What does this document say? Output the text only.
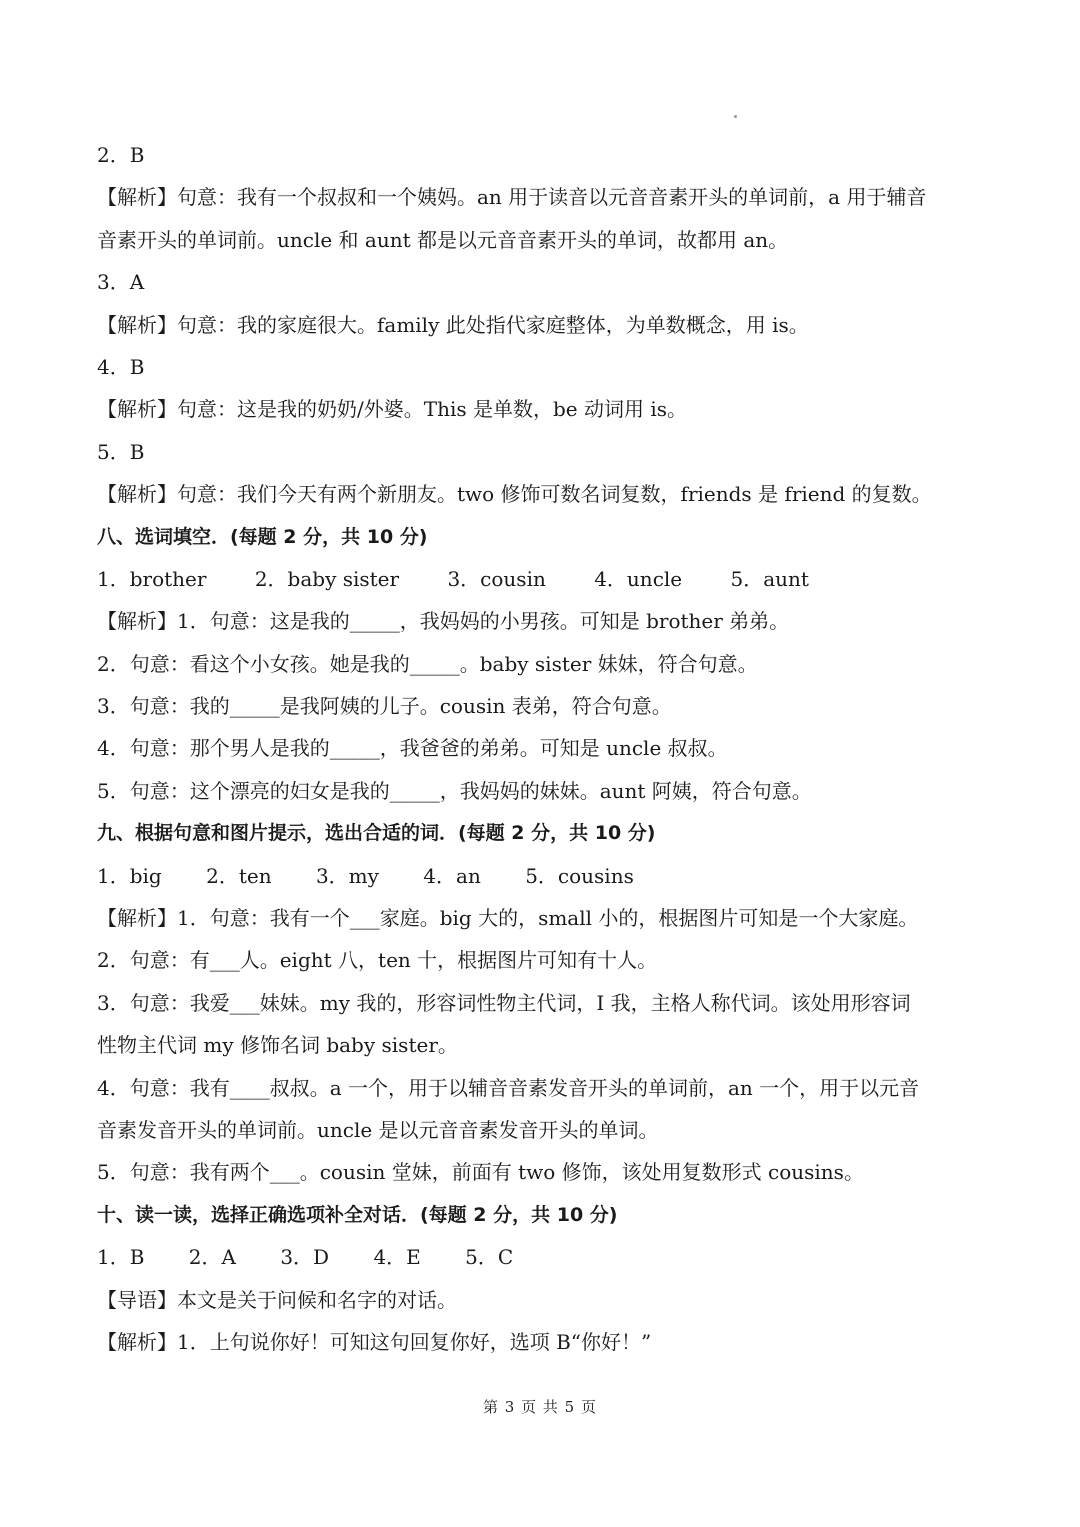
2．B
【解析】句意：我有一个叔叔和一个姨妈。an 用于读音以元音音素开头的单词前，a 用于辅音
音素开头的单词前。uncle 和 aunt 都是以元音音素开头的单词，故都用 an。
3．A
【解析】句意：我的家庭很大。family 此处指代家庭整体，为单数概念，用 is。
4．B
【解析】句意：这是我的奶奶/外婆。This 是单数，be 动词用 is。
5．B
【解析】句意：我们今天有两个新朋友。two 修饰可数名词复数，friends 是 friend 的复数。
八、选词填空．(每题 2 分，共 10 分)
1．brother 2．baby sister 3．cousin 4．uncle 5．aunt
【解析】1．句意：这是我的_____，我妈妈的小男孩。可知是 brother 弟弟。
2．句意：看这个小女孩。她是我的_____。baby sister 妹妹，符合句意。
3．句意：我的_____是我阿姨的儿子。cousin 表弟，符合句意。
4．句意：那个男人是我的_____，我爸爸的弟弟。可知是 uncle 叔叔。
5．句意：这个漂亮的妇女是我的_____，我妈妈的妹妹。aunt 阿姨，符合句意。
九、根据句意和图片提示，选出合适的词．(每题 2 分，共 10 分)
1．big 2．ten 3．my 4．an 5．cousins
【解析】1．句意：我有一个___家庭。big 大的，small 小的，根据图片可知是一个大家庭。
2．句意：有___人。eight 八，ten 十，根据图片可知有十人。
3．句意：我爱___妹妹。my 我的，形容词性物主代词，I 我，主格人称代词。该处用形容词
性物主代词 my 修饰名词 baby sister。
4．句意：我有____叔叔。a 一个，用于以辅音音素发音开头的单词前，an 一个，用于以元音
音素发音开头的单词前。uncle 是以元音音素发音开头的单词。
5．句意：我有两个___。cousin 堂妹，前面有 two 修饰，该处用复数形式 cousins。
十、读一读，选择正确选项补全对话．(每题 2 分，共 10 分)
1．B 2．A 3．D 4．E 5．C
【导语】本文是关于问候和名字的对话。
【解析】1．上句说你好！可知这句回复你好，选项 B“你好！”
第 3 页 共 5 页
